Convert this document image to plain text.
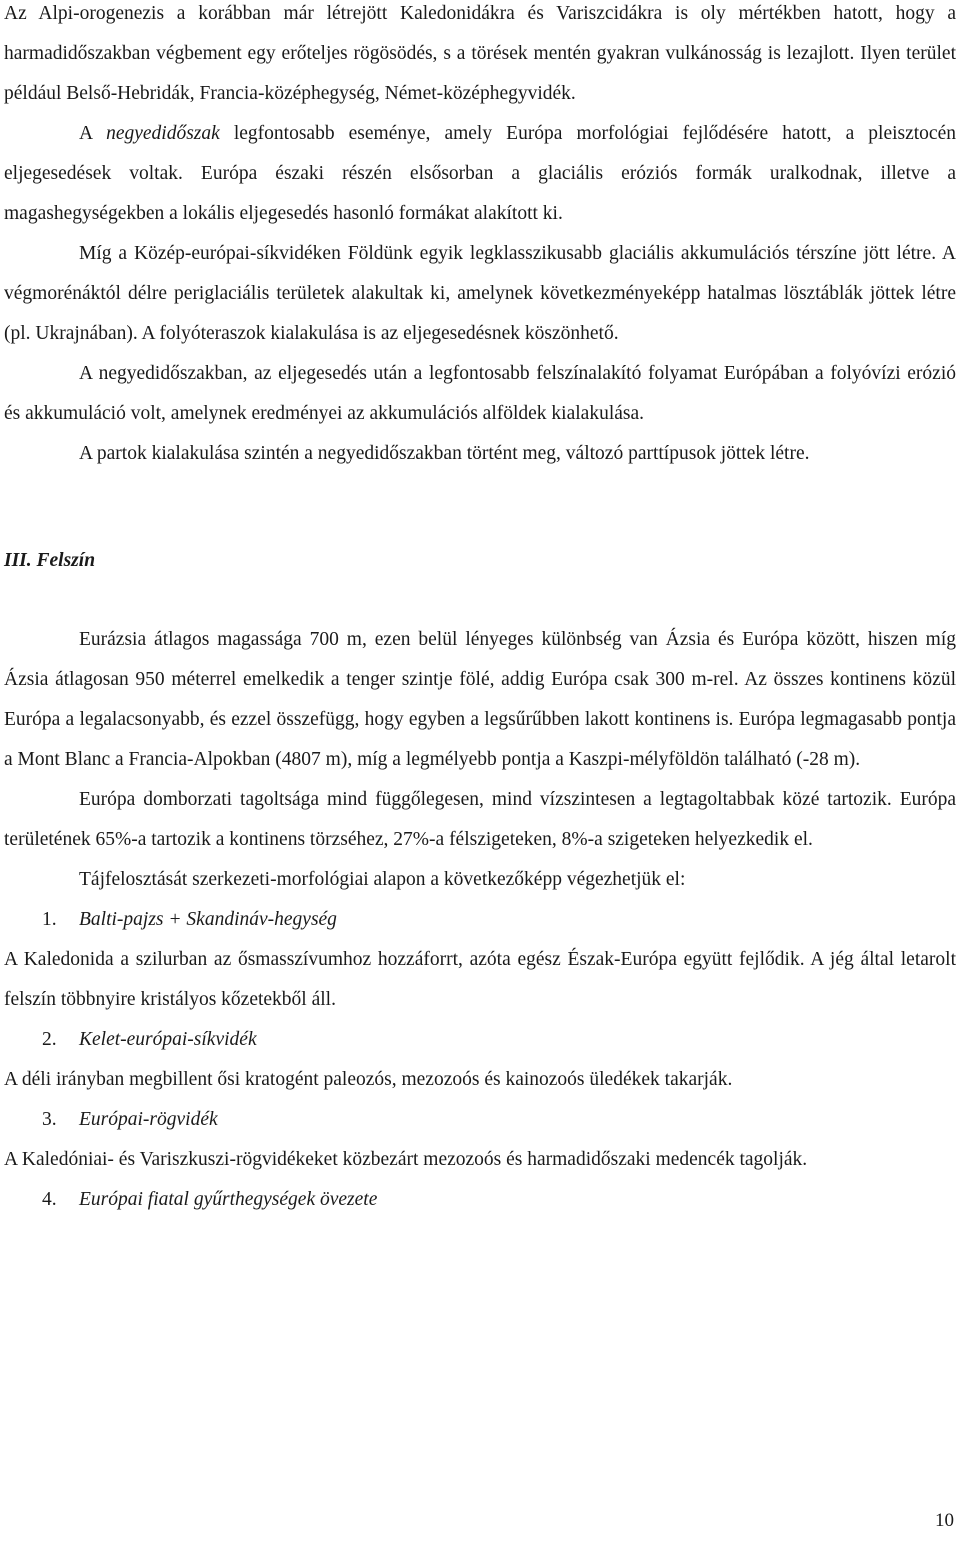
Az Alpi-orogenezis a korábban már létrejött Kaledonidákra és Variszcidákra is oly mértékben hatott, hogy a harmadidőszakban végbement egy erőteljes rögösödés, s a törések mentén gyakran vulkánosság is lezajlott. Ilyen terület például Belső-Hebridák, Francia-középhegység, Német-középhegyvidék.

A negyedidőszak legfontosabb eseménye, amely Európa morfológiai fejlődésére hatott, a pleisztocén eljegesedések voltak. Európa északi részén elsősorban a glaciális eróziós formák uralkodnak, illetve a magashegységekben a lokális eljegesedés hasonló formákat alakított ki.

Míg a Közép-európai-síkvidéken Földünk egyik legklasszikusabb glaciális akkumulációs térszíne jött létre. A végmorénáktól délre periglaciális területek alakultak ki, amelynek következményeképp hatalmas lösztáblák jöttek létre (pl. Ukrajnában). A folyóteraszok kialakulása is az eljegesedésnek köszönhető.

A negyedidőszakban, az eljegesedés után a legfontosabb felszínalakító folyamat Európában a folyóvízi erózió és akkumuláció volt, amelynek eredményei az akkumulációs alföldek kialakulása.

A partok kialakulása szintén a negyedidőszakban történt meg, változó parttípusok jöttek létre.

III. Felszín

Eurázsia átlagos magassága 700 m, ezen belül lényeges különbség van Ázsia és Európa között, hiszen míg Ázsia átlagosan 950 méterrel emelkedik a tenger szintje fölé, addig Európa csak 300 m-rel. Az összes kontinens közül Európa a legalacsonyabb, és ezzel összefügg, hogy egyben a legsűrűbben lakott kontinens is. Európa legmagasabb pontja a Mont Blanc a Francia-Alpokban (4807 m), míg a legmélyebb pontja a Kaszpi-mélyföldön található (-28 m).

Európa domborzati tagoltsága mind függőlegesen, mind vízszintesen a legtagoltabbak közé tartozik. Európa területének 65%-a tartozik a kontinens törzséhez, 27%-a félszigeteken, 8%-a szigeteken helyezkedik el.

Tájfelosztását szerkezeti-morfológiai alapon a következőképp végezhetjük el:

1. Balti-pajzs + Skandináv-hegység

A Kaledonida a szilurban az ősmasszívumhoz hozzáforrt, azóta egész Észak-Európa együtt fejlődik. A jég által letarolt felszín többnyire kristályos kőzetekből áll.

2. Kelet-európai-síkvidék

A déli irányban megbillent ősi kratogént paleozós, mezozoós és kainozoós üledékek takarják.

3. Európai-rögvidék

A Kaledóniai- és Variszkuszi-rögvidékeket közbezárt mezozoós és harmadidőszaki medencék tagolják.

4. Európai fiatal gyűrthegységek övezete
10
